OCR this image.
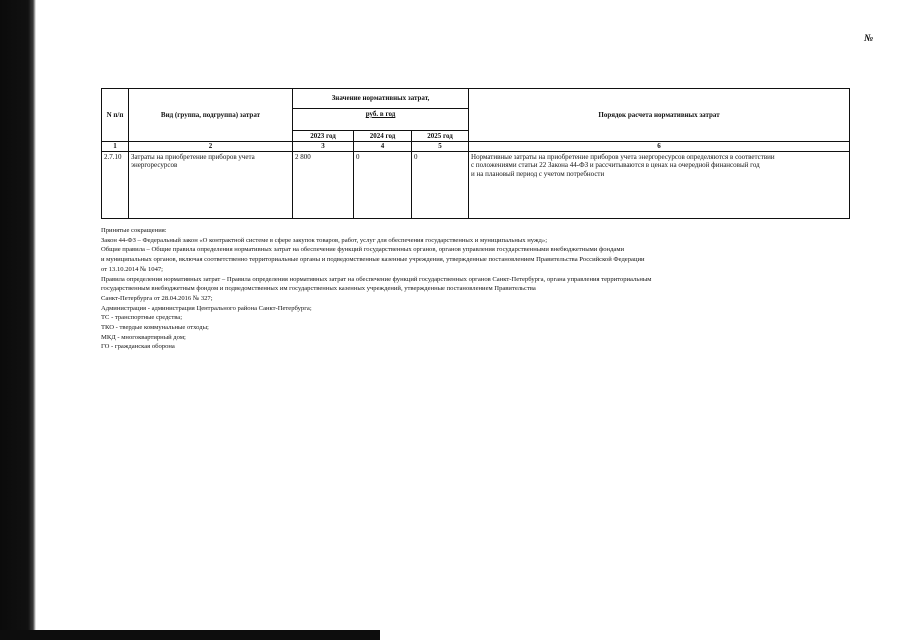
№
N п/п	Вид (группа, подгруппа) затрат	Значение нормативных затрат,			Порядок расчета нормативных затрат
		руб. в год			
		2023 год	2024 год	2025 год	
1	2	3	4	5	6
2.7.10	Затраты на приобретение приборов учета энергоресурсов	2 800	0	0	Нормативные затраты на приобретение приборов учета энергоресурсов определяются в соответствии
с положениями статьи 22 Закона 44-ФЗ и рассчитываются в ценах на очередной финансовый год
и на плановый период с учетом потребности
Принятые сокращения:
Закон 44-ФЗ – Федеральный закон «О контрактной системе в сфере закупок товаров, работ, услуг для обеспечения государственных и муниципальных нужд»;
Общие правила – Общие правила определения нормативных затрат на обеспечение функций государственных органов, органов управления государственными внебюджетными фондами
и муниципальных органов, включая соответственно территориальные органы и подведомственные казенные учреждения, утвержденные постановлением Правительства Российской Федерации
от 13.10.2014 № 1047;
Правила определения нормативных затрат – Правила определения нормативных затрат на обеспечение функций государственных органов Санкт-Петербурга, органа управления территориальным
государственным внебюджетным фондом и подведомственных им государственных казенных учреждений, утвержденные постановлением Правительства
Санкт-Петербурга от 28.04.2016 № 327;
Администрация - администрация Центрального района Санкт-Петербурга;
ТС - транспортные средства;
ТКО - твердые коммунальные отходы;
МКД - многоквартирный дом;
ГО - гражданская оборона
